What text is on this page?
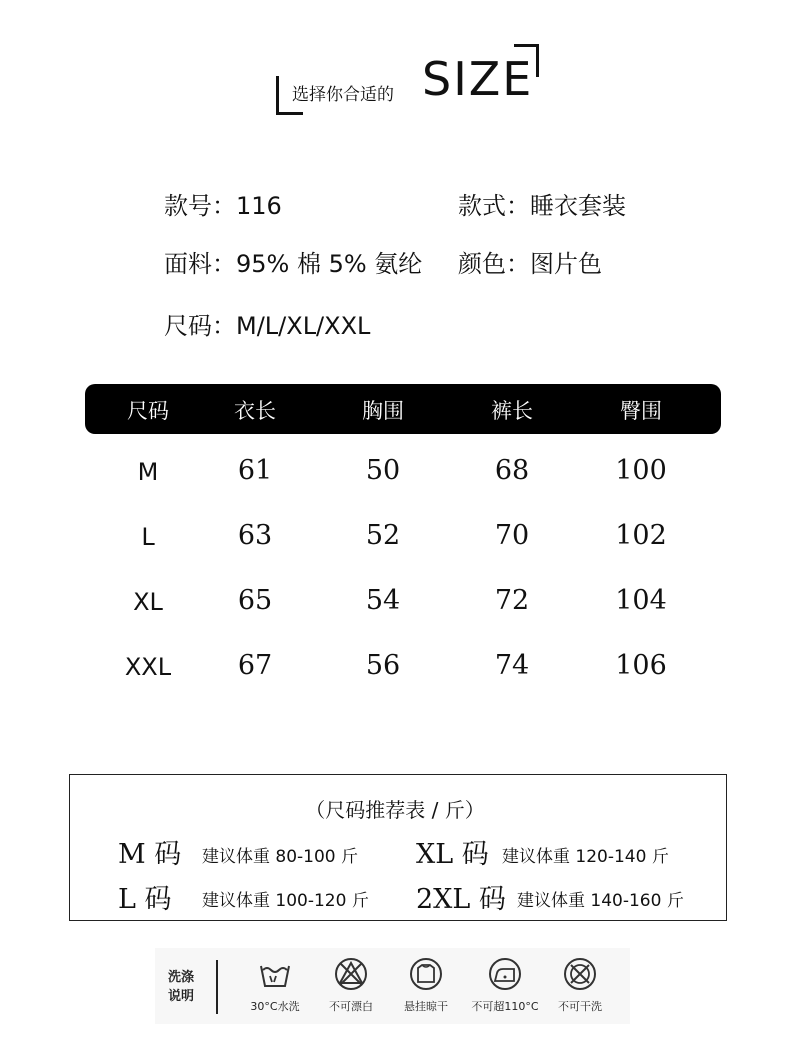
选择你合适的 SIZE
款号：116	款式：睡衣套装
面料：95% 棉 5% 氨纶 颜色：图片色
尺码：M/L/XL/XXL
尺码	衣长	胸围	裤长	臀围
M	61	50	68	100
L	63	52	70	102
XL	65	54	72	104
XXL 67	56	74	106
（尺码推荐表 / 斤）
M 码 建议体重 80-100 斤 XL 码 建议体重 120-140 斤
L 码 建议体重 100-120 斤 2XL 码 建议体重 140-160 斤
洗涤
说明
30°C水洗	不可漂白	悬挂晾干 不可超110°C 不可干洗
